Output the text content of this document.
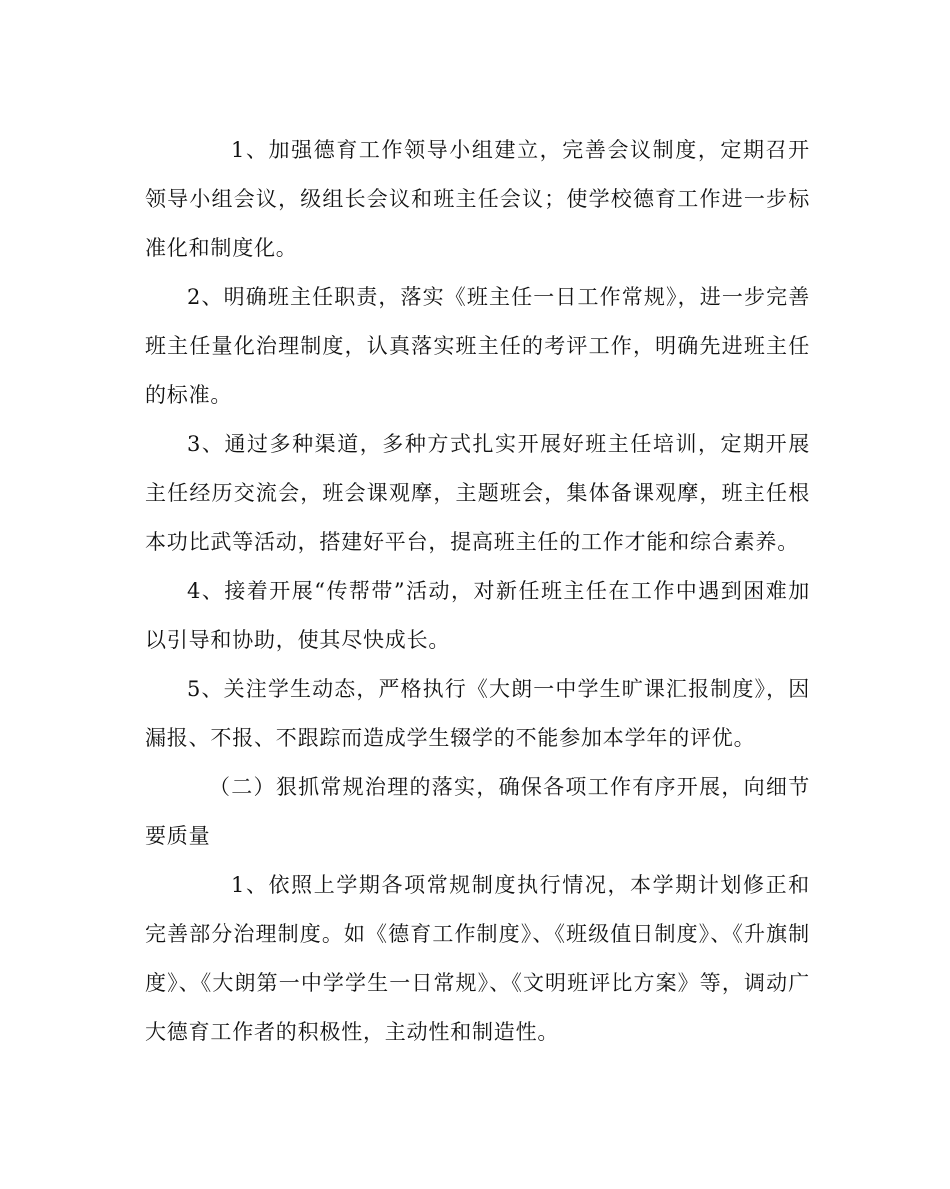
1、加强德育工作领导小组建立，完善会议制度，定期召开领导小组会议，级组长会议和班主任会议；使学校德育工作进一步标准化和制度化。

2、明确班主任职责，落实《班主任一日工作常规》，进一步完善班主任量化治理制度，认真落实班主任的考评工作，明确先进班主任的标准。

3、通过多种渠道，多种方式扎实开展好班主任培训，定期开展主任经历交流会，班会课观摩，主题班会，集体备课观摩，班主任根本功比武等活动，搭建好平台，提高班主任的工作才能和综合素养。

4、接着开展“传帮带”活动，对新任班主任在工作中遇到困难加以引导和协助，使其尽快成长。

5、关注学生动态，严格执行《大朗一中学生旷课汇报制度》，因漏报、不报、不跟踪而造成学生辍学的不能参加本学年的评优。

（二）狠抓常规治理的落实，确保各项工作有序开展，向细节要质量

1、依照上学期各项常规制度执行情况，本学期计划修正和完善部分治理制度。如《德育工作制度》、《班级值日制度》、《升旗制度》、《大朗第一中学学生一日常规》、《文明班评比方案》等，调动广大德育工作者的积极性，主动性和制造性。
